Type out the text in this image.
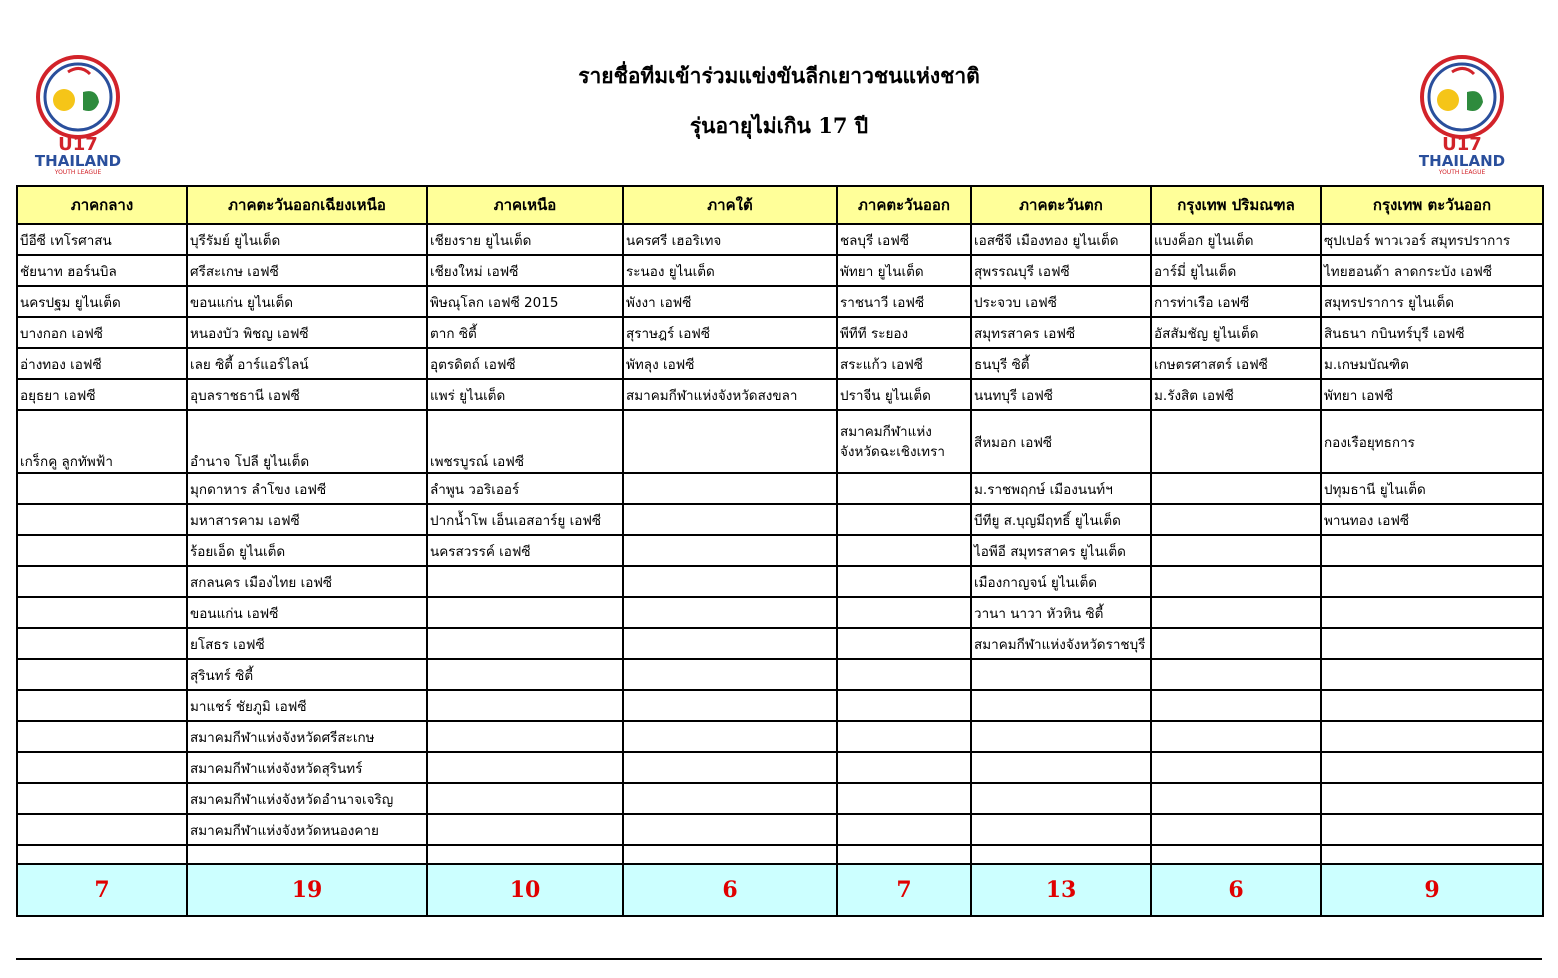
U17
THAILAND
YOUTH LEAGUE
U17
THAILAND
YOUTH LEAGUE
รายชื่อทีมเข้าร่วมแข่งขันลีกเยาวชนแห่งชาติ
รุ่นอายุไม่เกิน 17 ปี
ภาคกลาง	ภาคตะวันออกเฉียงเหนือ	ภาคเหนือ	ภาคใต้	ภาคตะวันออก	ภาคตะวันตก	กรุงเทพ ปริมณฑล	กรุงเทพ ตะวันออก
บีอีซี เทโรศาสน	บุรีรัมย์ ยูไนเต็ด	เชียงราย ยูไนเต็ด	นครศรี เฮอริเทจ	ชลบุรี เอฟซี	เอสซีจี เมืองทอง ยูไนเต็ด	แบงค็อก ยูไนเต็ด	ซุปเปอร์ พาวเวอร์ สมุทรปราการ
ชัยนาท ฮอร์นบิล	ศรีสะเกษ เอฟซี	เชียงใหม่ เอฟซี	ระนอง ยูไนเต็ด	พัทยา ยูไนเต็ด	สุพรรณบุรี เอฟซี	อาร์มี่ ยูไนเต็ด	ไทยฮอนด้า ลาดกระบัง เอฟซี
นครปฐม ยูไนเต็ด	ขอนแก่น ยูไนเต็ด	พิษณุโลก เอฟซี 2015	พังงา เอฟซี	ราชนาวี เอฟซี	ประจวบ เอฟซี	การท่าเรือ เอฟซี	สมุทรปราการ ยูไนเต็ด
บางกอก เอฟซี	หนองบัว พิชญ เอฟซี	ตาก ซิตี้	สุราษฎร์ เอฟซี	พีทีที ระยอง	สมุทรสาคร เอฟซี	อัสสัมชัญ ยูไนเต็ด	สินธนา กบินทร์บุรี เอฟซี
อ่างทอง เอฟซี	เลย ซิตี้ อาร์แอร์ไลน์	อุตรดิตถ์ เอฟซี	พัทลุง เอฟซี	สระแก้ว เอฟซี	ธนบุรี ซิตี้	เกษตรศาสตร์ เอฟซี	ม.เกษมบัณฑิต
อยุธยา เอฟซี	อุบลราชธานี เอฟซี	แพร่ ยูไนเต็ด	สมาคมกีฬาแห่งจังหวัดสงขลา	ปราจีน ยูไนเต็ด	นนทบุรี เอฟซี	ม.รังสิต เอฟซี	พัทยา เอฟซี
เกร็กคู ลูกทัพฟ้า	อำนาจ โปลี ยูไนเต็ด	เพชรบูรณ์ เอฟซี		สมาคมกีฬาแห่งจังหวัดฉะเชิงเทรา	สีหมอก เอฟซี		กองเรือยุทธการ
	มุกดาหาร ลำโขง เอฟซี	ลำพูน วอริเออร์			ม.ราชพฤกษ์ เมืองนนท์ฯ		ปทุมธานี ยูไนเต็ด
	มหาสารคาม เอฟซี	ปากน้ำโพ เอ็นเอสอาร์ยู เอฟซี			บีทียู ส.บุญมีฤทธิ์ ยูไนเต็ด		พานทอง เอฟซี
	ร้อยเอ็ด ยูไนเต็ด	นครสวรรค์ เอฟซี			ไอพีอี สมุทรสาคร ยูไนเต็ด		
	สกลนคร เมืองไทย เอฟซี				เมืองกาญจน์ ยูไนเต็ด		
	ขอนแก่น เอฟซี				วานา นาวา หัวหิน ซิตี้		
	ยโสธร เอฟซี				สมาคมกีฬาแห่งจังหวัดราชบุรี		
	สุรินทร์ ซิตี้						
	มาแชร์ ชัยภูมิ เอฟซี						
	สมาคมกีฬาแห่งจังหวัดศรีสะเกษ						
	สมาคมกีฬาแห่งจังหวัดสุรินทร์						
	สมาคมกีฬาแห่งจังหวัดอำนาจเจริญ						
	สมาคมกีฬาแห่งจังหวัดหนองคาย						

7	19	10	6	7	13	6	9
